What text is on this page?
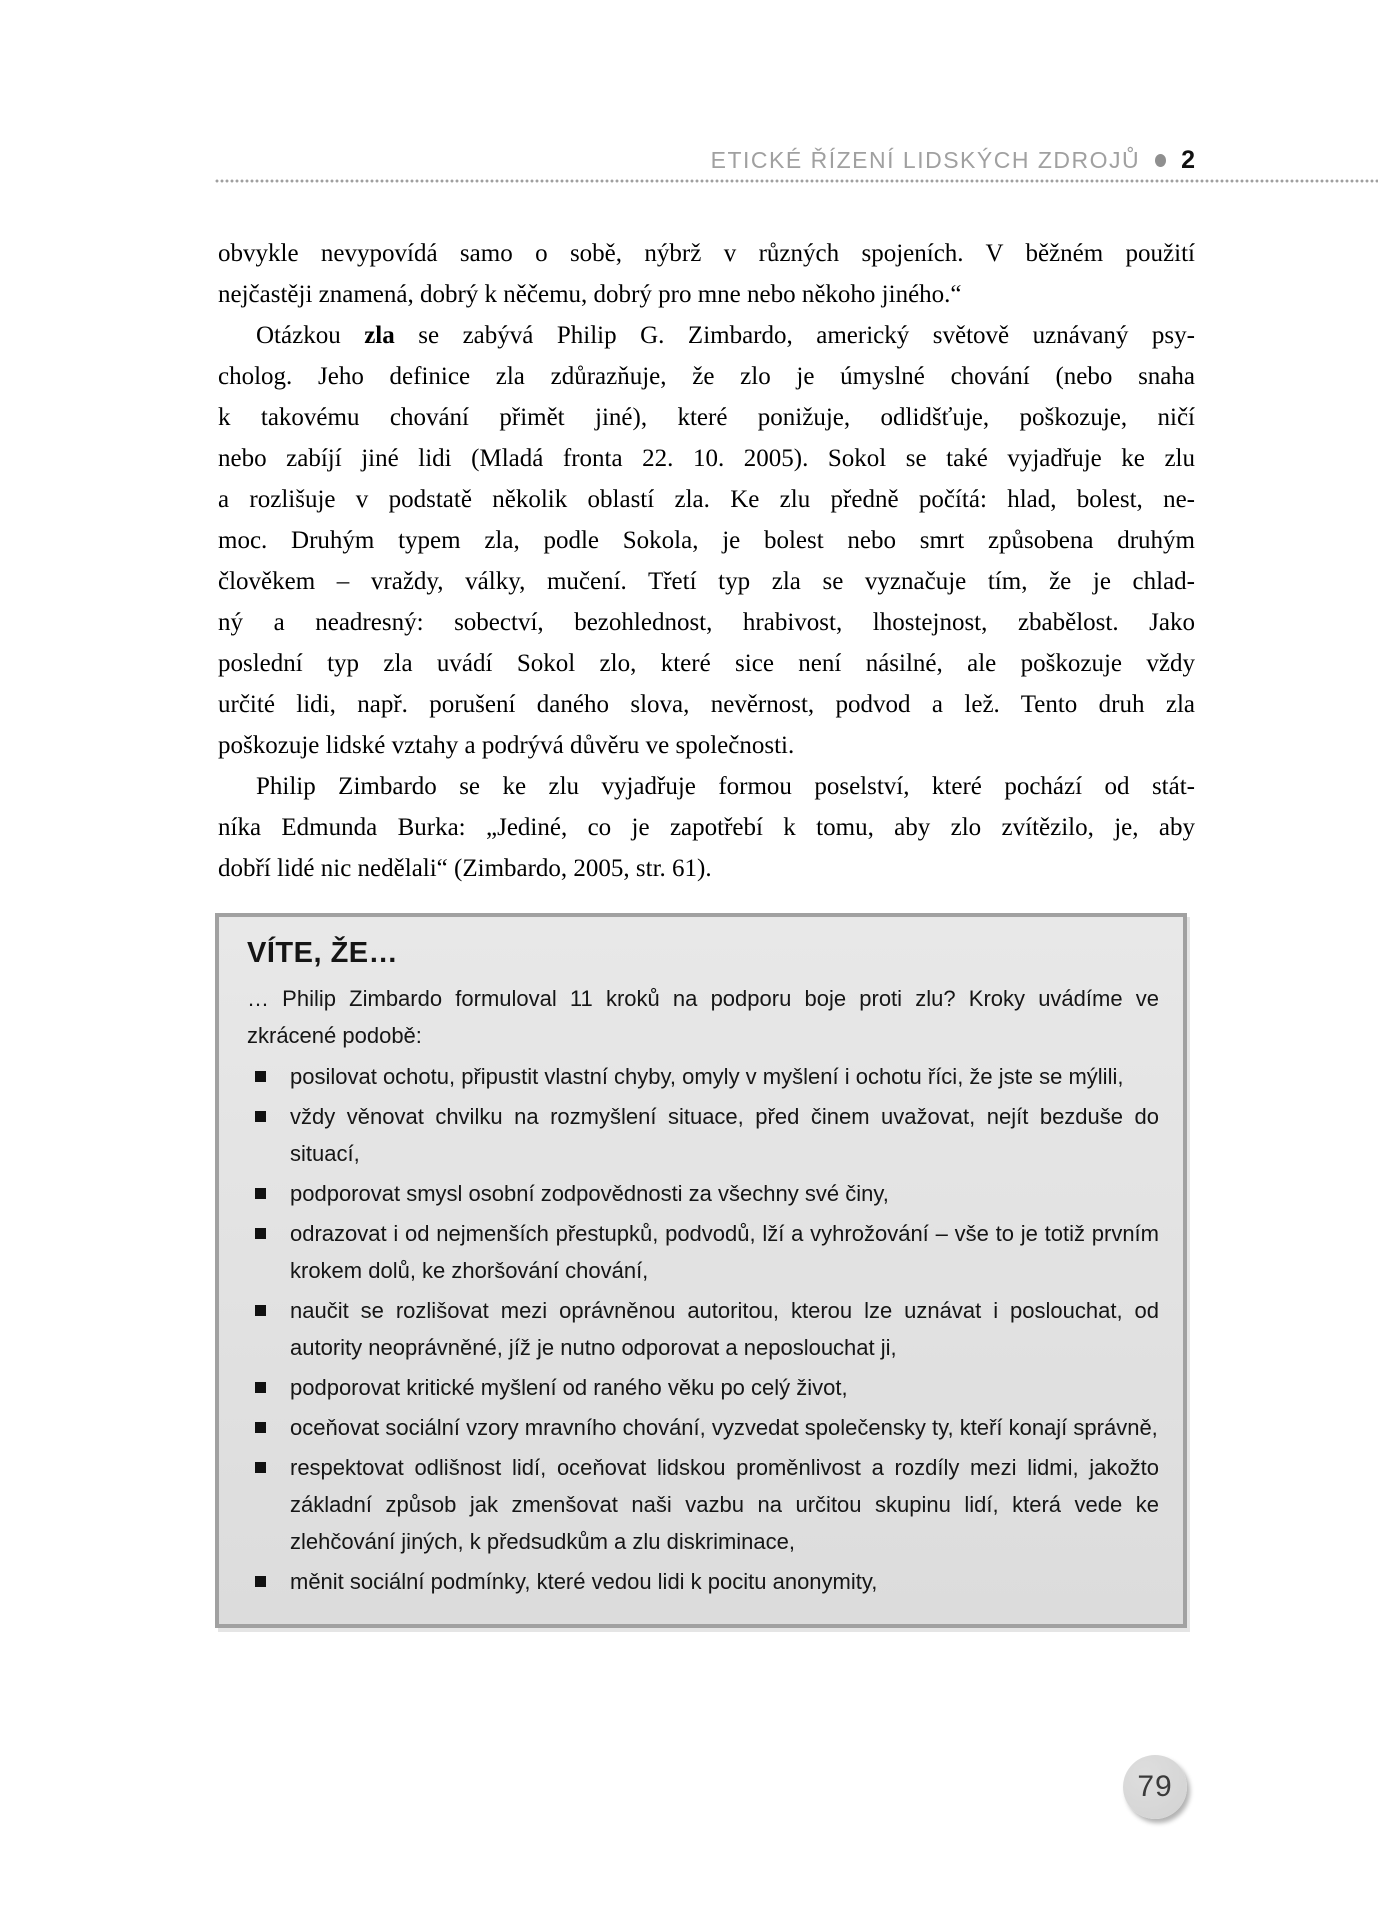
ETICKÉ ŘÍZENÍ LIDSKÝCH ZDROJŮ 2
obvykle nevypovídá samo o sobě, nýbrž v různých spojeních. V běžném použití
nejčastěji znamená, dobrý k něčemu, dobrý pro mne nebo někoho jiného.“
Otázkou zla se zabývá Philip G. Zimbardo, americký světově uznávaný psy-
cholog. Jeho definice zla zdůrazňuje, že zlo je úmyslné chování (nebo snaha
k takovému chování přimět jiné), které ponižuje, odlidšťuje, poškozuje, ničí
nebo zabíjí jiné lidi (Mladá fronta 22. 10. 2005). Sokol se také vyjadřuje ke zlu
a rozlišuje v podstatě několik oblastí zla. Ke zlu předně počítá: hlad, bolest, ne-
moc. Druhým typem zla, podle Sokola, je bolest nebo smrt způsobena druhým
člověkem – vraždy, války, mučení. Třetí typ zla se vyznačuje tím, že je chlad-
ný a neadresný: sobectví, bezohlednost, hrabivost, lhostejnost, zbabělost. Jako
poslední typ zla uvádí Sokol zlo, které sice není násilné, ale poškozuje vždy
určité lidi, např. porušení daného slova, nevěrnost, podvod a lež. Tento druh zla
poškozuje lidské vztahy a podrývá důvěru ve společnosti.
Philip Zimbardo se ke zlu vyjadřuje formou poselství, které pochází od stát-
níka Edmunda Burka: „Jediné, co je zapotřebí k tomu, aby zlo zvítězilo, je, aby
dobří lidé nic nedělali“ (Zimbardo, 2005, str. 61).
VÍTE, ŽE…
… Philip Zimbardo formuloval 11 kroků na podporu boje proti zlu? Kroky uvádíme ve zkrácené podobě:
posilovat ochotu, připustit vlastní chyby, omyly v myšlení i ochotu říci, že jste se mýlili,
vždy věnovat chvilku na rozmyšlení situace, před činem uvažovat, nejít bezduše do situací,
podporovat smysl osobní zodpovědnosti za všechny své činy,
odrazovat i od nejmenších přestupků, podvodů, lží a vyhrožování – vše to je totiž prvním krokem dolů, ke zhoršování chování,
naučit se rozlišovat mezi oprávněnou autoritou, kterou lze uznávat i poslouchat, od autority neoprávněné, jíž je nutno odporovat a neposlouchat ji,
podporovat kritické myšlení od raného věku po celý život,
oceňovat sociální vzory mravního chování, vyzvedat společensky ty, kteří konají správně,
respektovat odlišnost lidí, oceňovat lidskou proměnlivost a rozdíly mezi lidmi, jakožto základní způsob jak zmenšovat naši vazbu na určitou skupinu lidí, která vede ke zlehčování jiných, k předsudkům a zlu diskriminace,
měnit sociální podmínky, které vedou lidi k pocitu anonymity,
79
